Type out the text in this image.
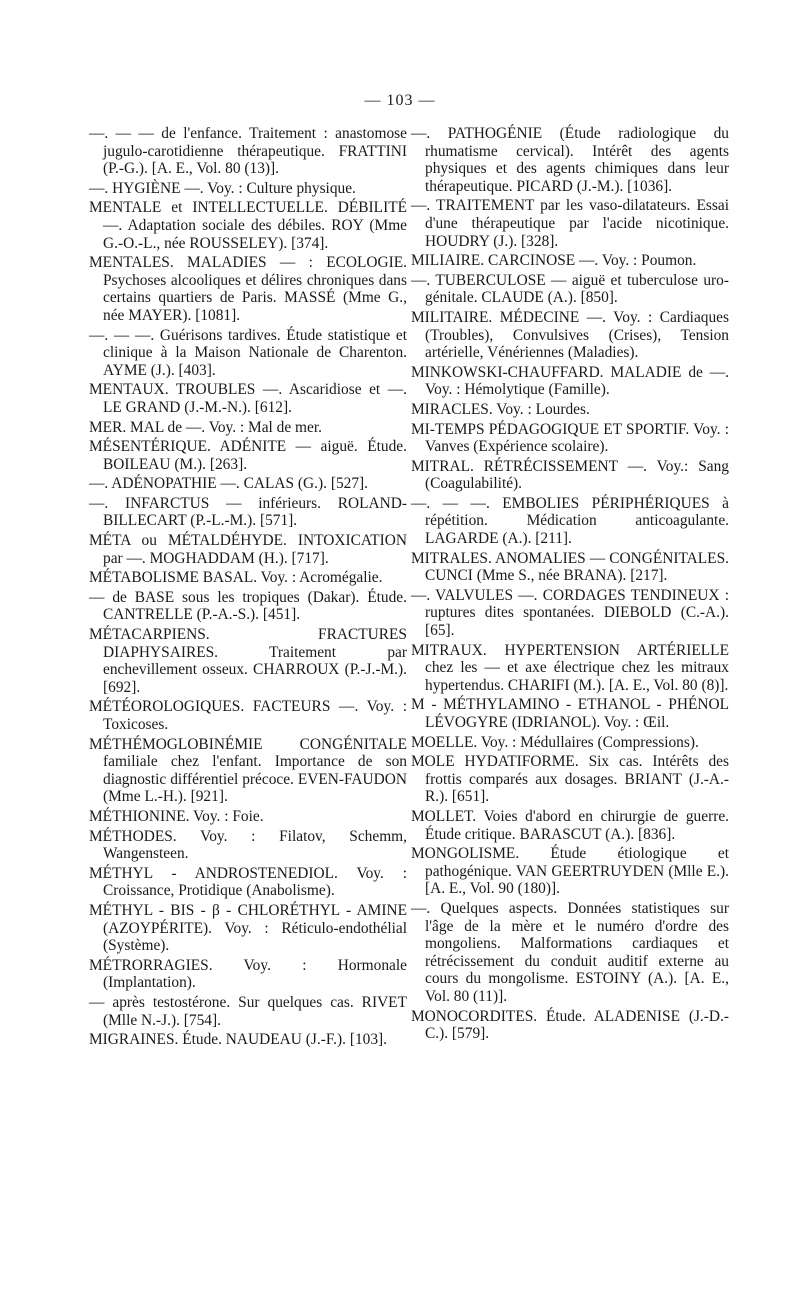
— 103 —

—. — — de l'enfance. Traitement : anastomose jugulo-carotidienne thérapeutique. FRATTINI (P.-G.). [A. E., Vol. 80 (13)].

—. HYGIÈNE —. Voy. : Culture physique.

MENTALE et INTELLECTUELLE. DÉBILITÉ —. Adaptation sociale des débiles. ROY (Mme G.-O.-L., née ROUSSELEY). [374].

MENTALES. MALADIES — : ECOLOGIE. Psychoses alcooliques et délires chroniques dans certains quartiers de Paris. MASSÉ (Mme G., née MAYER). [1081].

—. — —. Guérisons tardives. Étude statistique et clinique à la Maison Nationale de Charenton. AYME (J.). [403].

MENTAUX. TROUBLES —. Ascaridiose et —. LE GRAND (J.-M.-N.). [612].

MER. MAL de —. Voy. : Mal de mer.

MÉSENTÉRIQUE. ADÉNITE — aiguë. Étude. BOILEAU (M.). [263].

—. ADÉNOPATHIE —. CALAS (G.). [527].

—. INFARCTUS — inférieurs. ROLAND-BILLECART (P.-L.-M.). [571].

MÉTA ou MÉTALDÉHYDE. INTOXICATION par —. MOGHADDAM (H.). [717].

MÉTABOLISME BASAL. Voy. : Acromégalie.

— de BASE sous les tropiques (Dakar). Étude. CANTRELLE (P.-A.-S.). [451].

MÉTACARPIENS. FRACTURES DIAPHYSAIRES. Traitement par enchevillement osseux. CHARROUX (P.-J.-M.). [692].

MÉTÉOROLOGIQUES. FACTEURS —. Voy. : Toxicoses.

MÉTHÉMOGLOBINÉMIE CONGÉNITALE familiale chez l'enfant. Importance de son diagnostic différentiel précoce. EVEN-FAUDON (Mme L.-H.). [921].

MÉTHIONINE. Voy. : Foie.

MÉTHODES. Voy. : Filatov, Schemm, Wangensteen.

MÉTHYL - ANDROSTENEDIOL. Voy. : Croissance, Protidique (Anabolisme).

MÉTHYL - BIS - β - CHLORÉTHYL - AMINE (AZOYPÉRITE). Voy. : Réticulo-endothélial (Système).

MÉTRORRAGIES. Voy. : Hormonale (Implantation).

— après testostérone. Sur quelques cas. RIVET (Mlle N.-J.). [754].

MIGRAINES. Étude. NAUDEAU (J.-F.). [103].

—. PATHOGÉNIE (Étude radiologique du rhumatisme cervical). Intérêt des agents physiques et des agents chimiques dans leur thérapeutique. PICARD (J.-M.). [1036].

—. TRAITEMENT par les vaso-dilatateurs. Essai d'une thérapeutique par l'acide nicotinique. HOUDRY (J.). [328].

MILIAIRE. CARCINOSE —. Voy. : Poumon.

—. TUBERCULOSE — aiguë et tuberculose uro-génitale. CLAUDE (A.). [850].

MILITAIRE. MÉDECINE —. Voy. : Cardiaques (Troubles), Convulsives (Crises), Tension artérielle, Vénériennes (Maladies).

MINKOWSKI-CHAUFFARD. MALADIE de —. Voy. : Hémolytique (Famille).

MIRACLES. Voy. : Lourdes.

MI-TEMPS PÉDAGOGIQUE ET SPORTIF. Voy. : Vanves (Expérience scolaire).

MITRAL. RÉTRÉCISSEMENT —. Voy.: Sang (Coagulabilité).

—. — —. EMBOLIES PÉRIPHÉRIQUES à répétition. Médication anticoagulante. LAGARDE (A.). [211].

MITRALES. ANOMALIES — CONGÉNITALES. CUNCI (Mme S., née BRANA). [217].

—. VALVULES —. CORDAGES TENDINEUX : ruptures dites spontanées. DIEBOLD (C.-A.). [65].

MITRAUX. HYPERTENSION ARTÉRIELLE chez les — et axe électrique chez les mitraux hypertendus. CHARIFI (M.). [A. E., Vol. 80 (8)].

M - MÉTHYLAMINO - ETHANOL - PHÉNOL LÉVOGYRE (IDRIANOL). Voy. : Œil.

MOELLE. Voy. : Médullaires (Compressions).

MOLE HYDATIFORME. Six cas. Intérêts des frottis comparés aux dosages. BRIANT (J.-A.-R.). [651].

MOLLET. Voies d'abord en chirurgie de guerre. Étude critique. BARASCUT (A.). [836].

MONGOLISME. Étude étiologique et pathogénique. VAN GEERTRUYDEN (Mlle E.). [A. E., Vol. 90 (180)].

—. Quelques aspects. Données statistiques sur l'âge de la mère et le numéro d'ordre des mongoliens. Malformations cardiaques et rétrécissement du conduit auditif externe au cours du mongolisme. ESTOINY (A.). [A. E., Vol. 80 (11)].

MONOCORDITES. Étude. ALADENISE (J.-D.-C.). [579].
